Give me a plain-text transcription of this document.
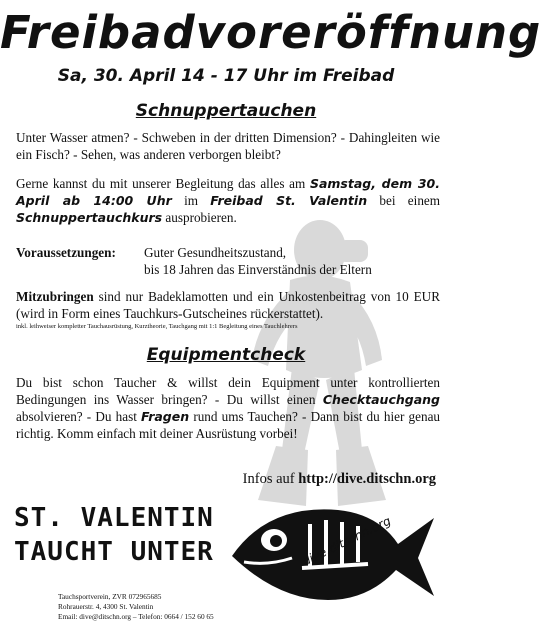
Freibadvoreröffnung
Sa, 30. April 14 - 17 Uhr im Freibad
Schnuppertauchen
Unter Wasser atmen? - Schweben in der dritten Dimension? - Dahingleiten wie ein Fisch? - Sehen, was anderen verborgen bleibt?
Gerne kannst du mit unserer Begleitung das alles am Samstag, dem 30. April ab 14:00 Uhr im Freibad St. Valentin bei einem Schnuppertauchkurs ausprobieren.
Voraussetzungen: Guter Gesundheitszustand,
bis 18 Jahren das Einverständnis der Eltern
Mitzubringen sind nur Badeklamotten und ein Unkostenbeitrag von 10 EUR (wird in Form eines Tauchkurs-Gutscheines rückerstattet).
inkl. leihweiser kompletter Tauchausrüstung, Kurztheorie, Tauchgang mit 1:1 Begleitung eines Tauchlehrers
Equipmentcheck
Du bist schon Taucher & willst dein Equipment unter kontrollierten Bedingungen ins Wasser bringen? - Du willst einen Checktauchgang absolvieren? - Du hast Fragen rund ums Tauchen? - Dann bist du hier genau richtig. Komm einfach mit deiner Ausrüstung vorbei!
Infos auf http://dive.ditschn.org
ST. VALENTIN
TAUCHT UNTER	dive.ditschn.org
Tauchsportverein, ZVR 072965685
Rohrauerstr. 4, 4300 St. Valentin
Email: dive@ditschn.org – Telefon: 0664 / 152 60 65
